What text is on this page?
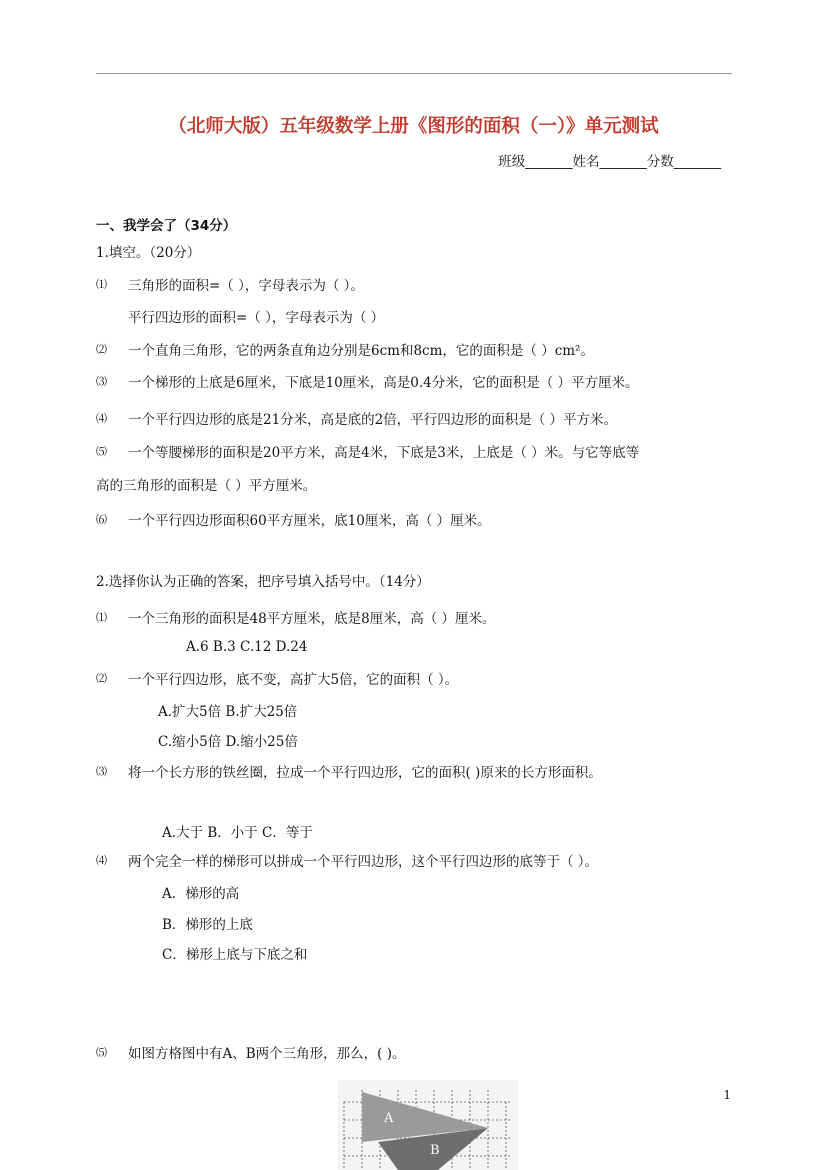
（北师大版）五年级数学上册《图形的面积（一）》单元测试
班级_______姓名_______分数_______
一、我学会了（34分）
1.填空。（20分）
⑴ 三角形的面积=（ ），字母表示为（ ）。
平行四边形的面积=（ ），字母表示为（ ）
⑵ 一个直角三角形，它的两条直角边分别是6cm和8cm，它的面积是（ ）cm²。
⑶ 一个梯形的上底是6厘米，下底是10厘米，高是0.4分米，它的面积是（ ）平方厘米。
⑷ 一个平行四边形的底是21分米，高是底的2倍，平行四边形的面积是（ ）平方米。
⑸ 一个等腰梯形的面积是20平方米，高是4米，下底是3米，上底是（ ）米。与它等底等
高的三角形的面积是（ ）平方厘米。
⑹ 一个平行四边形面积60平方厘米，底10厘米，高（ ）厘米。
2.选择你认为正确的答案，把序号填入括号中。（14分）
⑴ 一个三角形的面积是48平方厘米，底是8厘米，高（ ）厘米。
A.6 B.3 C.12 D.24
⑵ 一个平行四边形，底不变，高扩大5倍，它的面积（ ）。
A.扩大5倍 B.扩大25倍
C.缩小5倍 D.缩小25倍
⑶ 将一个长方形的铁丝圈，拉成一个平行四边形，它的面积( )原来的长方形面积。
A.大于 B．小于 C．等于
⑷ 两个完全一样的梯形可以拼成一个平行四边形，这个平行四边形的底等于（ ）。
A．梯形的高
B．梯形的上底
C．梯形上底与下底之和
⑸ 如图方格图中有A、B两个三角形，那么，( )。
1
A
B
